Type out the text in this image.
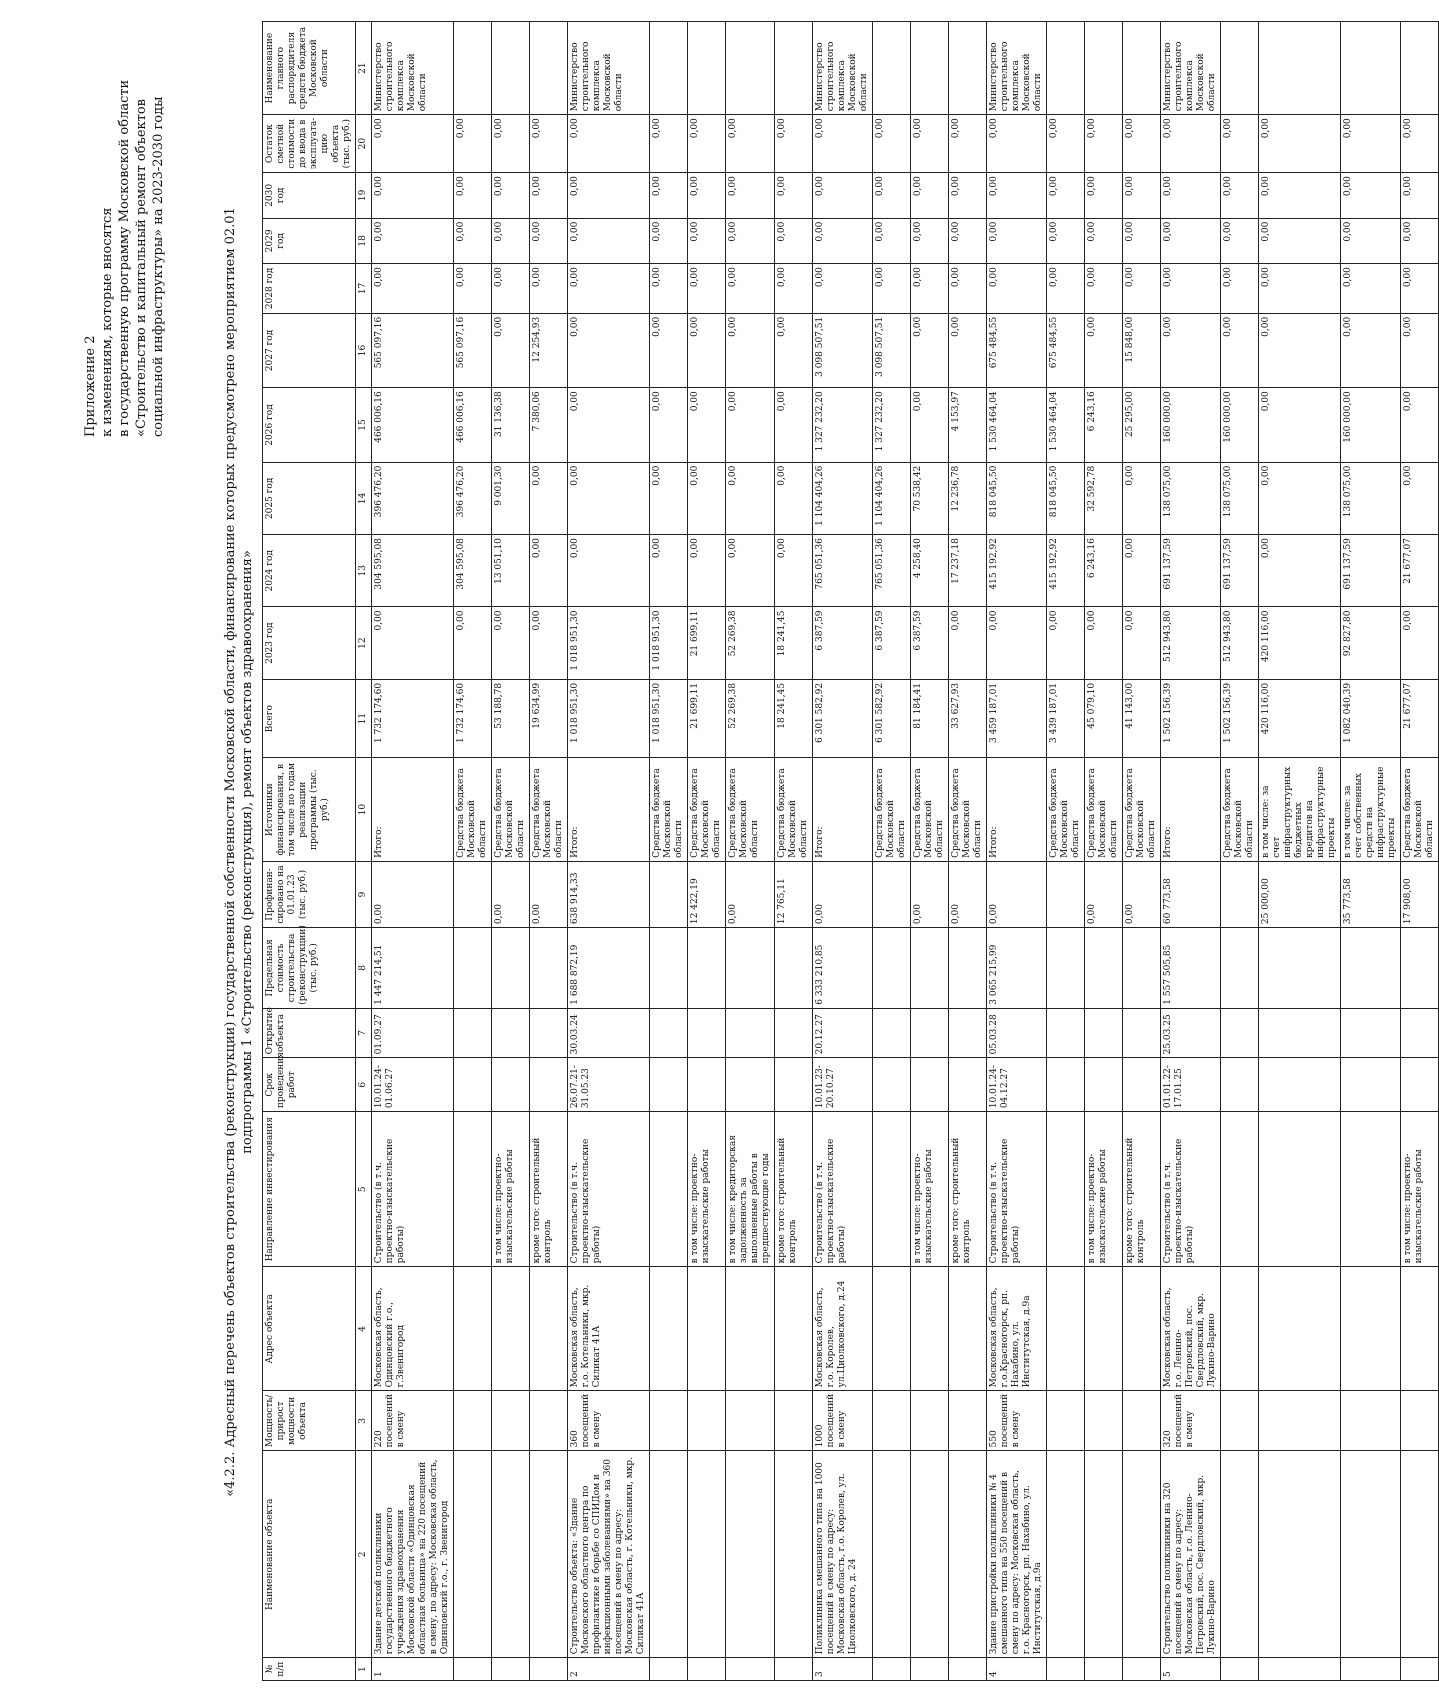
Приложение 2 к изменениям, которые вносятся в государственную программу Московской области «Строительство и капитальный ремонт объектов социальной инфраструктуры» на 2023-2030 годы	«4.2.2. Адресный перечень объектов строительства (реконструкции) государственной собственности Московской области, финансирование которых предусмотрено мероприятием 02.01 подпрограммы 1 «Строительство (реконструкция), ремонт объектов здравоохранения»
№ п/п	Наименование объекта	Мощность/ прирост мощности объекта	Адрес объекта	Направление инвестирования	Срок проведения работ	Открытие объекта	Предельная стоимость строительства (реконструкции) (тыс. руб.)	Профинан-сировано на 01.01.23 (тыс. руб.)	Источники финансирования, в том числе по годам реализации программы (тыс. руб.)	Всего	2023 год	2024 год	2025 год	2026 год	2027 год	2028 год	2029 год	2030 год	Остаток сметной стоимости до ввода в эксплуата-цию объекта (тыс. руб.)	Наименование главного распорядителя средств бюджета Московской области
1	2	3	4	5	6	7	8	9	10	11	12	13	14	15	16	17	18	19	20	21
1	Здание детской поликлиники государственного бюджетного учреждения здравоохранения Московской области «Одинцовская областная больница» на 220 посещений в смену, по адресу: Московская область, Одинцовский г.о., г. Звенигород	220 посещений в смену	Московская область, Одинцовский г.о., г.Звенигород	Строительство (в т.ч. проектно-изыскательские работы)	10.01.24-01.06.27	01.09.27	1 447 214,51	0,00	Итого:	1 732 174,60	0,00	304 595,08	396 476,20	466 006,16	565 097,16	0,00	0,00	0,00	0,00	Министерство строительного комплекса Московской области
									Средства бюджета Московской области	1 732 174,60	0,00	304 595,08	396 476,20	466 006,16	565 097,16	0,00	0,00	0,00	0,00	
				в том числе: проектно-изыскательские работы				0,00	Средства бюджета Московской области	53 188,78	0,00	13 051,10	9 001,30	31 136,38	0,00	0,00	0,00	0,00	0,00	
				кроме того: строительный контроль				0,00	Средства бюджета Московской области	19 634,99	0,00	0,00	0,00	7 380,06	12 254,93	0,00	0,00	0,00	0,00	
2	Строительство объекта: «Здание Московского областного центра по профилактике и борьбе со СПИДом и инфекционными заболеваниями» на 360 посещений в смену по адресу: Московская область, г. Котельники, мкр. Силикат 41А	360 посещений в смену	Московская область, г.о. Котельники, мкр. Силикат 41А	Строительство (в т.ч. проектно-изыскательские работы)	26.07.21-31.05.23	30.03.24	1 688 872,19	638 914,33	Итого:	1 018 951,30	1 018 951,30	0,00	0,00	0,00	0,00	0,00	0,00	0,00	0,00	Министерство строительного комплекса Московской области
									Средства бюджета Московской области	1 018 951,30	1 018 951,30	0,00	0,00	0,00	0,00	0,00	0,00	0,00	0,00	
				в том числе: проектно-изыскательские работы				12 422,19	Средства бюджета Московской области	21 699,11	21 699,11	0,00	0,00	0,00	0,00	0,00	0,00	0,00	0,00	
				в том числе: кредиторская задолженность за выполненные работы в предшествующие годы				0,00	Средства бюджета Московской области	52 269,38	52 269,38	0,00	0,00	0,00	0,00	0,00	0,00	0,00	0,00	
				кроме того: строительный контроль				12 765,11	Средства бюджета Московской области	18 241,45	18 241,45	0,00	0,00	0,00	0,00	0,00	0,00	0,00	0,00	
3	Поликлиника смешанного типа на 1000 посещений в смену по адресу: Московская область, г.о. Королев, ул. Циолковского, д. 24	1000 посещений в смену	Московская область, г.о. Королев, ул.Циолковского, д.24	Строительство (в т.ч. проектно-изыскательские работы)	10.01.23-20.10.27	20.12.27	6 333 210,85	0,00	Итого:	6 301 582,92	6 387,59	765 051,36	1 104 404,26	1 327 232,20	3 098 507,51	0,00	0,00	0,00	0,00	Министерство строительного комплекса Московской области
									Средства бюджета Московской области	6 301 582,92	6 387,59	765 051,36	1 104 404,26	1 327 232,20	3 098 507,51	0,00	0,00	0,00	0,00	
				в том числе: проектно-изыскательские работы				0,00	Средства бюджета Московской области	81 184,41	6 387,59	4 258,40	70 538,42	0,00	0,00	0,00	0,00	0,00	0,00	
				кроме того: строительный контроль				0,00	Средства бюджета Московской области	33 627,93	0,00	17 237,18	12 236,78	4 153,97	0,00	0,00	0,00	0,00	0,00	
4	Здание пристройки поликлиники № 4 смешанного типа на 550 посещений в смену по адресу: Московская область, г.о. Красногорск, рп. Нахабино, ул. Институтская, д.9а	550 посещений в смену	Московская область, г.о.Красногорск, рп. Нахабино, ул. Институтская, д.9а	Строительство (в т.ч. проектно-изыскательские работы)	10.01.24-04.12.27	05.03.28	3 065 215,99	0,00	Итого:	3 459 187,01	0,00	415 192,92	818 045,50	1 530 464,04	675 484,55	0,00	0,00	0,00	0,00	Министерство строительного комплекса Московской области
									Средства бюджета Московской области	3 439 187,01	0,00	415 192,92	818 045,50	1 530 464,04	675 484,55	0,00	0,00	0,00	0,00	
				в том числе: проектно-изыскательские работы				0,00	Средства бюджета Московской области	45 079,10	0,00	6 243,16	32 592,78	6 243,16	0,00	0,00	0,00	0,00	0,00	
				кроме того: строительный контроль				0,00	Средства бюджета Московской области	41 143,00	0,00	0,00	0,00	25 295,00	15 848,00	0,00	0,00	0,00	0,00	
5	Строительство поликлиники на 320 посещений в смену по адресу: Московская область, г.о. Ленино-Петровский, пос. Свердловский, мкр. Лукино-Варино	320 посещений в смену	Московская область, г.о. Ленино-Петровский, пос. Свердловский, мкр. Лукино-Варино	Строительство (в т.ч. проектно-изыскательские работы)	01.01.22-17.01.25	25.03.25	1 557 505,85	60 773,58	Итого:	1 502 156,39	512 943,80	691 137,59	138 075,00	160 000,00	0,00	0,00	0,00	0,00	0,00	Министерство строительного комплекса Московской области
									Средства бюджета Московской области	1 502 156,39	512 943,80	691 137,59	138 075,00	160 000,00	0,00	0,00	0,00	0,00	0,00	
								25 000,00	в том числе: за счет инфраструктурных бюджетных кредитов на инфраструктурные проекты	420 116,00	420 116,00	0,00	0,00	0,00	0,00	0,00	0,00	0,00	0,00	
								35 773,58	в том числе: за счет собственных средств на инфраструктурные проекты	1 082 040,39	92 827,80	691 137,59	138 075,00	160 000,00	0,00	0,00	0,00	0,00	0,00	
				в том числе: проектно-изыскательские работы				17 908,00	Средства бюджета Московской области	21 677,07	0,00	21 677,07	0,00	0,00	0,00	0,00	0,00	0,00	0,00	
